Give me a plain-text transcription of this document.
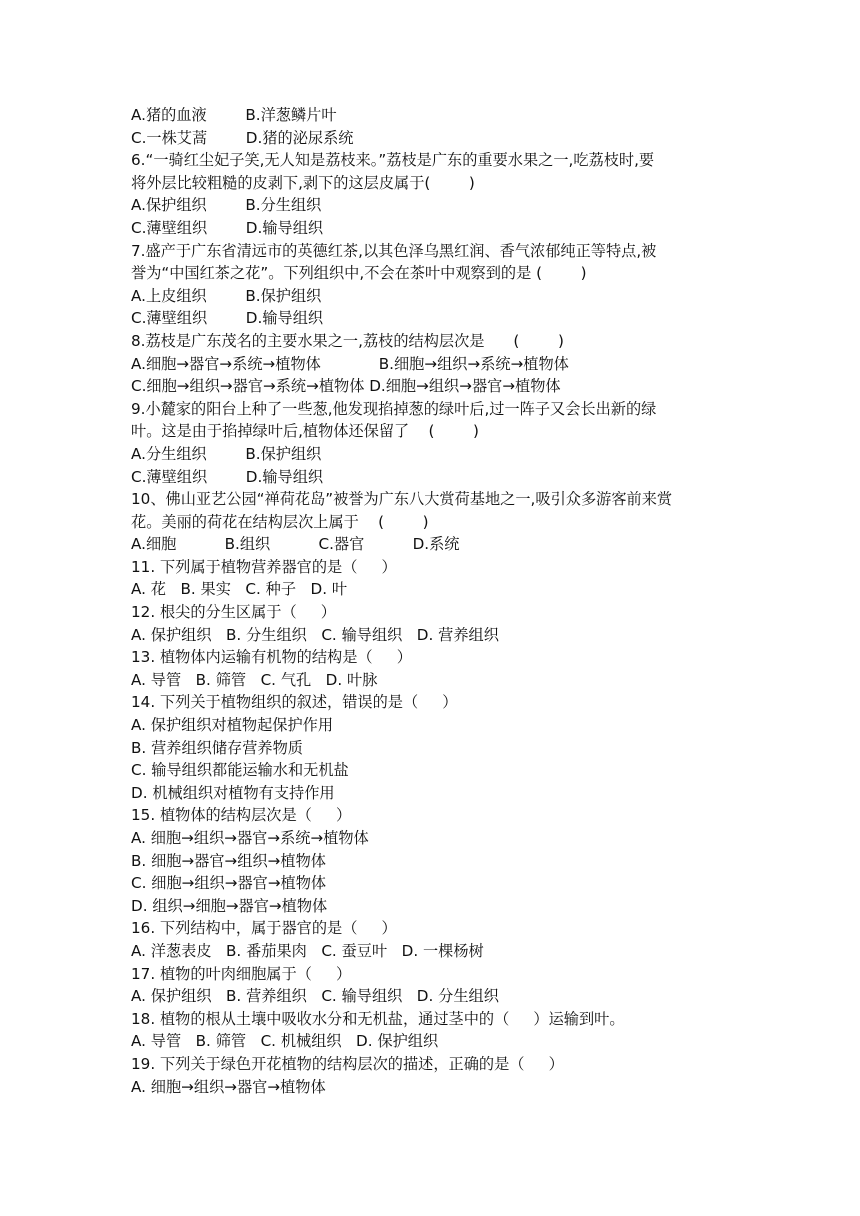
A.猪的血液        B.洋葱鳞片叶
C.一株艾蒿        D.猪的泌尿系统
6.“一骑红尘妃子笑,无人知是荔枝来。”荔枝是广东的重要水果之一,吃荔枝时,要
将外层比较粗糙的皮剥下,剥下的这层皮属于(        )
A.保护组织        B.分生组织
C.薄壁组织        D.输导组织
7.盛产于广东省清远市的英德红茶,以其色泽乌黑红润、香气浓郁纯正等特点,被
誉为“中国红茶之花”。下列组织中,不会在茶叶中观察到的是 (        )
A.上皮组织        B.保护组织
C.薄壁组织        D.输导组织
8.荔枝是广东茂名的主要水果之一,荔枝的结构层次是      (        )
A.细胞→器官→系统→植物体            B.细胞→组织→系统→植物体
C.细胞→组织→器官→系统→植物体 D.细胞→组织→器官→植物体
9.小麓家的阳台上种了一些葱,他发现掐掉葱的绿叶后,过一阵子又会长出新的绿
叶。这是由于掐掉绿叶后,植物体还保留了    (        )
A.分生组织        B.保护组织
C.薄壁组织        D.输导组织
10、佛山亚艺公园“禅荷花岛”被誉为广东八大赏荷基地之一,吸引众多游客前来赏
花。美丽的荷花在结构层次上属于    (        )
A.细胞          B.组织          C.器官          D.系统
11. 下列属于植物营养器官的是（     ）
A. 花   B. 果实   C. 种子   D. 叶
12. 根尖的分生区属于（     ）
A. 保护组织   B. 分生组织   C. 输导组织   D. 营养组织
13. 植物体内运输有机物的结构是（     ）
A. 导管   B. 筛管   C. 气孔   D. 叶脉
14. 下列关于植物组织的叙述，错误的是（     ）
A. 保护组织对植物起保护作用
B. 营养组织储存营养物质
C. 输导组织都能运输水和无机盐
D. 机械组织对植物有支持作用
15. 植物体的结构层次是（     ）
A. 细胞→组织→器官→系统→植物体
B. 细胞→器官→组织→植物体
C. 细胞→组织→器官→植物体
D. 组织→细胞→器官→植物体
16. 下列结构中，属于器官的是（     ）
A. 洋葱表皮   B. 番茄果肉   C. 蚕豆叶   D. 一棵杨树
17. 植物的叶肉细胞属于（     ）
A. 保护组织   B. 营养组织   C. 输导组织   D. 分生组织
18. 植物的根从土壤中吸收水分和无机盐，通过茎中的（     ）运输到叶。
A. 导管   B. 筛管   C. 机械组织   D. 保护组织
19. 下列关于绿色开花植物的结构层次的描述，正确的是（     ）
A. 细胞→组织→器官→植物体
